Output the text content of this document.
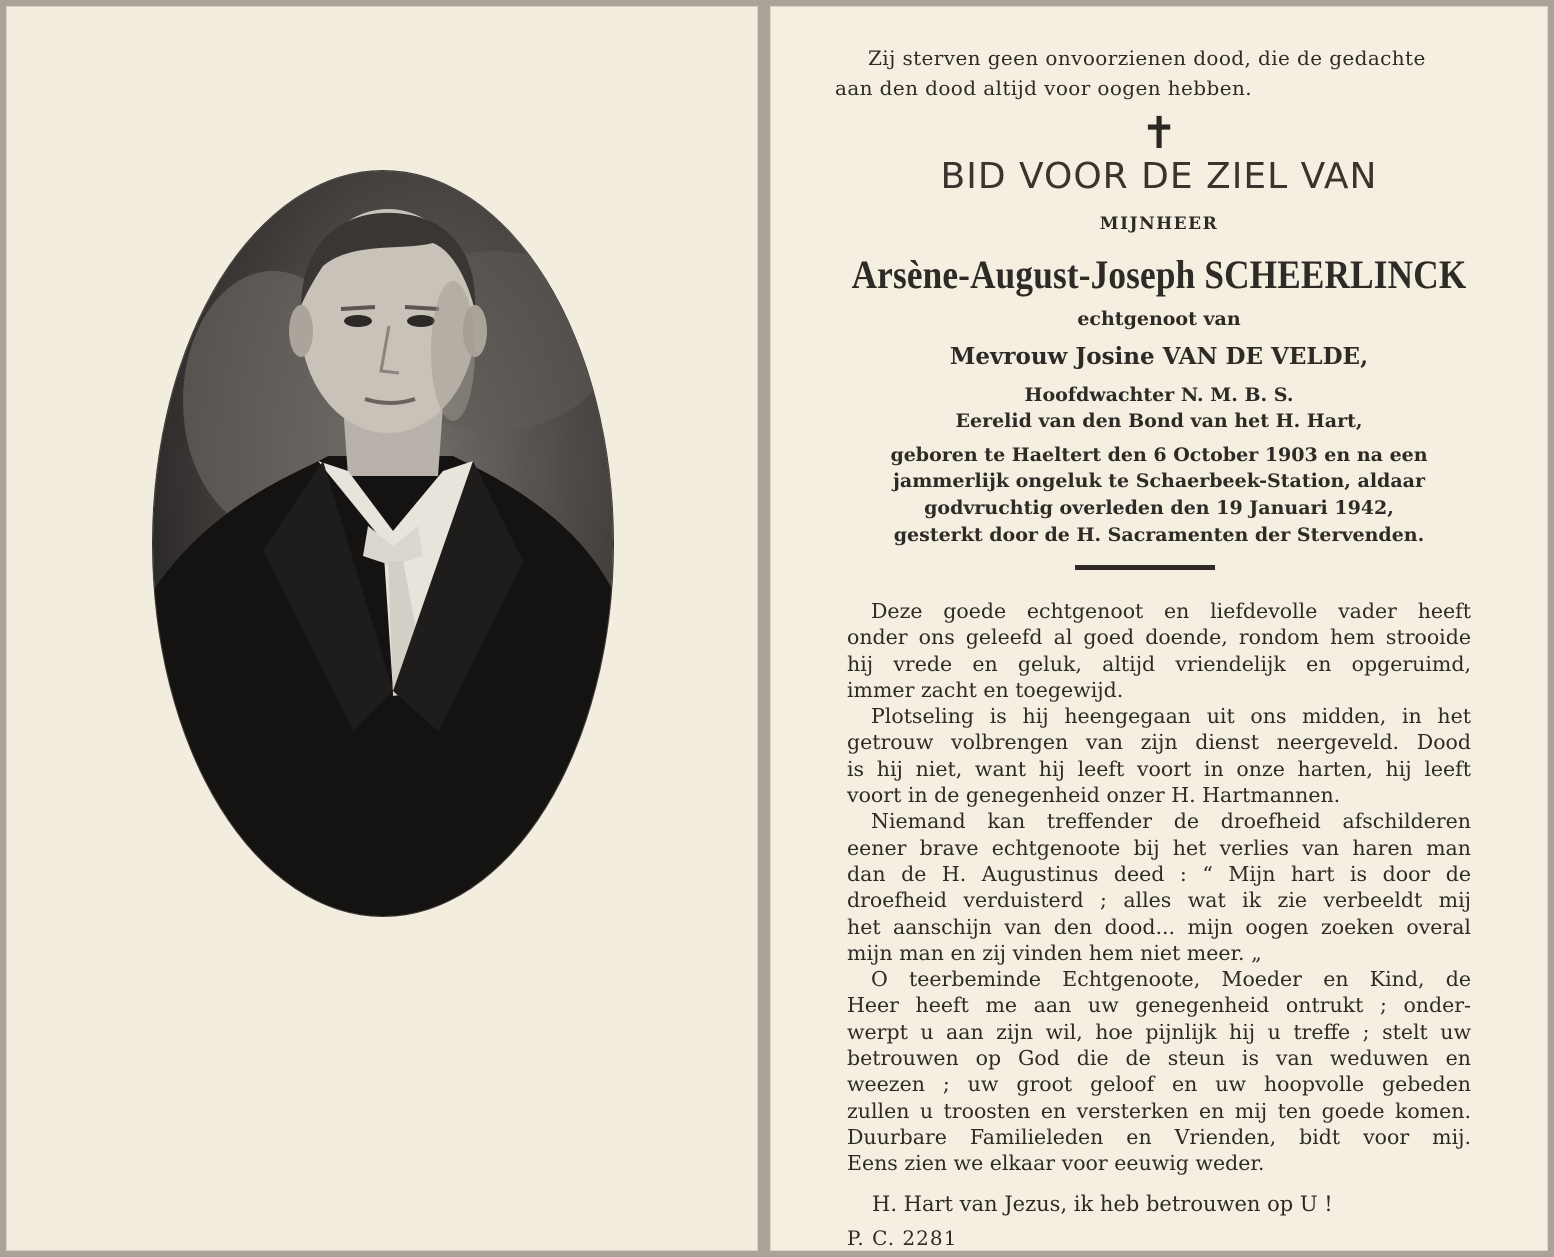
Zij sterven geen onvoorzienen dood, die de gedachte
aan den dood altijd voor oogen hebben.
✝
BID VOOR DE ZIEL VAN
MIJNHEER
Arsène-August-Joseph SCHEERLINCK
echtgenoot van
Mevrouw Josine VAN DE VELDE,
Hoofdwachter N. M. B. S.
Eerelid van den Bond van het H. Hart,
geboren te Haeltert den 6 October 1903 en na een
jammerlijk ongeluk te Schaerbeek-Station, aldaar
godvruchtig overleden den 19 Januari 1942,
gesterkt door de H. Sacramenten der Stervenden.
Deze goede echtgenoot en liefdevolle vader heeft
onder ons geleefd al goed doende, rondom hem strooide
hij vrede en geluk, altijd vriendelijk en opgeruimd,
immer zacht en toegewijd.
Plotseling is hij heengegaan uit ons midden, in het
getrouw volbrengen van zijn dienst neergeveld. Dood
is hij niet, want hij leeft voort in onze harten, hij leeft
voort in de genegenheid onzer H. Hartmannen.
Niemand kan treffender de droefheid afschilderen
eener brave echtgenoote bij het verlies van haren man
dan de H. Augustinus deed : “ Mijn hart is door de
droefheid verduisterd ; alles wat ik zie verbeeldt mij
het aanschijn van den dood... mijn oogen zoeken overal
mijn man en zij vinden hem niet meer. „
O teerbeminde Echtgenoote, Moeder en Kind, de
Heer heeft me aan uw genegenheid ontrukt ; onder-
werpt u aan zijn wil, hoe pijnlijk hij u treffe ; stelt uw
betrouwen op God die de steun is van weduwen en
weezen ; uw groot geloof en uw hoopvolle gebeden
zullen u troosten en versterken en mij ten goede komen.
Duurbare Familieleden en Vrienden, bidt voor mij.
Eens zien we elkaar voor eeuwig weder.
H. Hart van Jezus, ik heb betrouwen op U !
P. C. 2281
